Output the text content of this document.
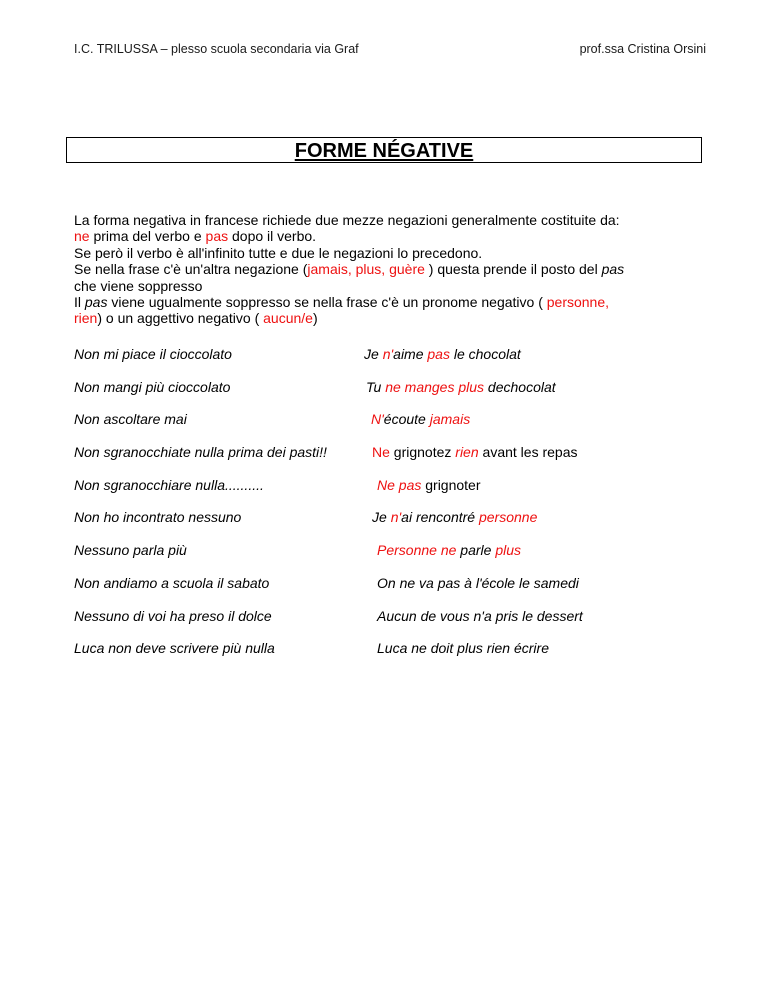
I.C. TRILUSSA – plesso scuola secondaria via Graf	prof.ssa Cristina Orsini
FORME NÉGATIVE

La forma negativa in francese richiede due mezze negazioni generalmente costituite da:

ne prima del verbo e pas dopo il verbo.

Se però il verbo è all'infinito tutte e due le negazioni lo precedono.

Se nella frase c'è un'altra negazione (jamais, plus, guère ) questa prende il posto del pas

che viene soppresso

Il pas viene ugualmente soppresso se nella frase c'è un pronome negativo ( personne,

rien) o un aggettivo negativo ( aucun/e)

Non mi piace il cioccolato	Je n'aime pas le chocolat
Non mangi più cioccolato	Tu ne manges plus dechocolat
Non ascoltare mai	N'écoute jamais
Non sgranocchiate nulla prima dei pasti!!	Ne grignotez rien avant les repas
Non sgranocchiare nulla..........	Ne pas grignoter
Non ho incontrato nessuno	Je n'ai rencontré personne
Nessuno parla più	Personne ne parle plus
Non andiamo a scuola il sabato	On ne va pas à l'école le samedi
Nessuno di voi ha preso il dolce	Aucun de vous n'a pris le dessert
Luca non deve scrivere più nulla	Luca ne doit plus rien écrire
